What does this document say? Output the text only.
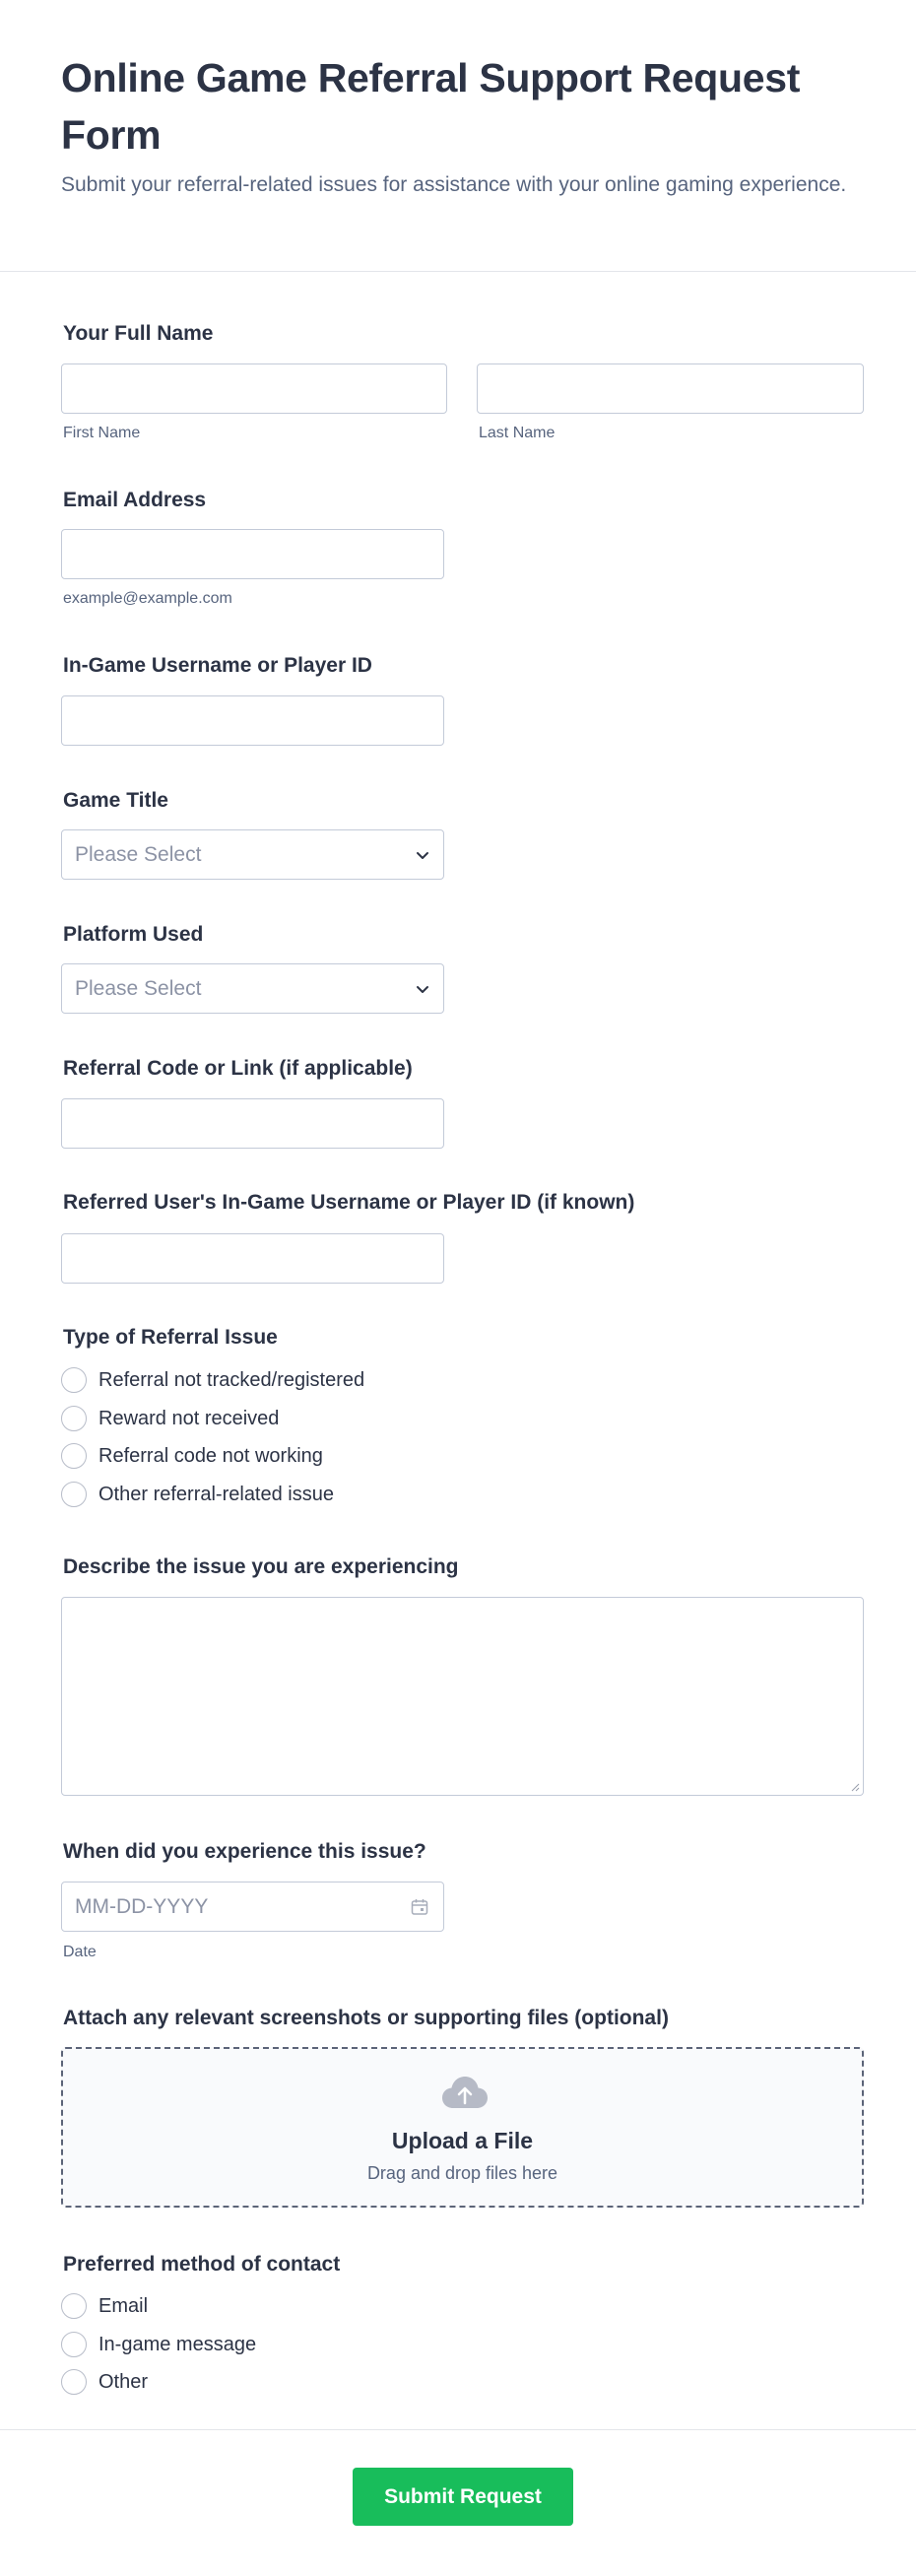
Online Game Referral Support Request Form

Submit your referral-related issues for assistance with your online gaming experience.

Your Full Name
First Name	Last Name
Email Address
example@example.com
In-Game Username or Player ID
Game Title
Please Select
Platform Used
Please Select
Referral Code or Link (if applicable)
Referred User's In-Game Username or Player ID (if known)
Type of Referral Issue
Referral not tracked/registered
Reward not received
Referral code not working
Other referral-related issue
Describe the issue you are experiencing
When did you experience this issue?
MM-DD-YYYY
Date
Attach any relevant screenshots or supporting files (optional)
Upload a File
Drag and drop files here
Preferred method of contact
Email
In-game message
Other
Submit Request
